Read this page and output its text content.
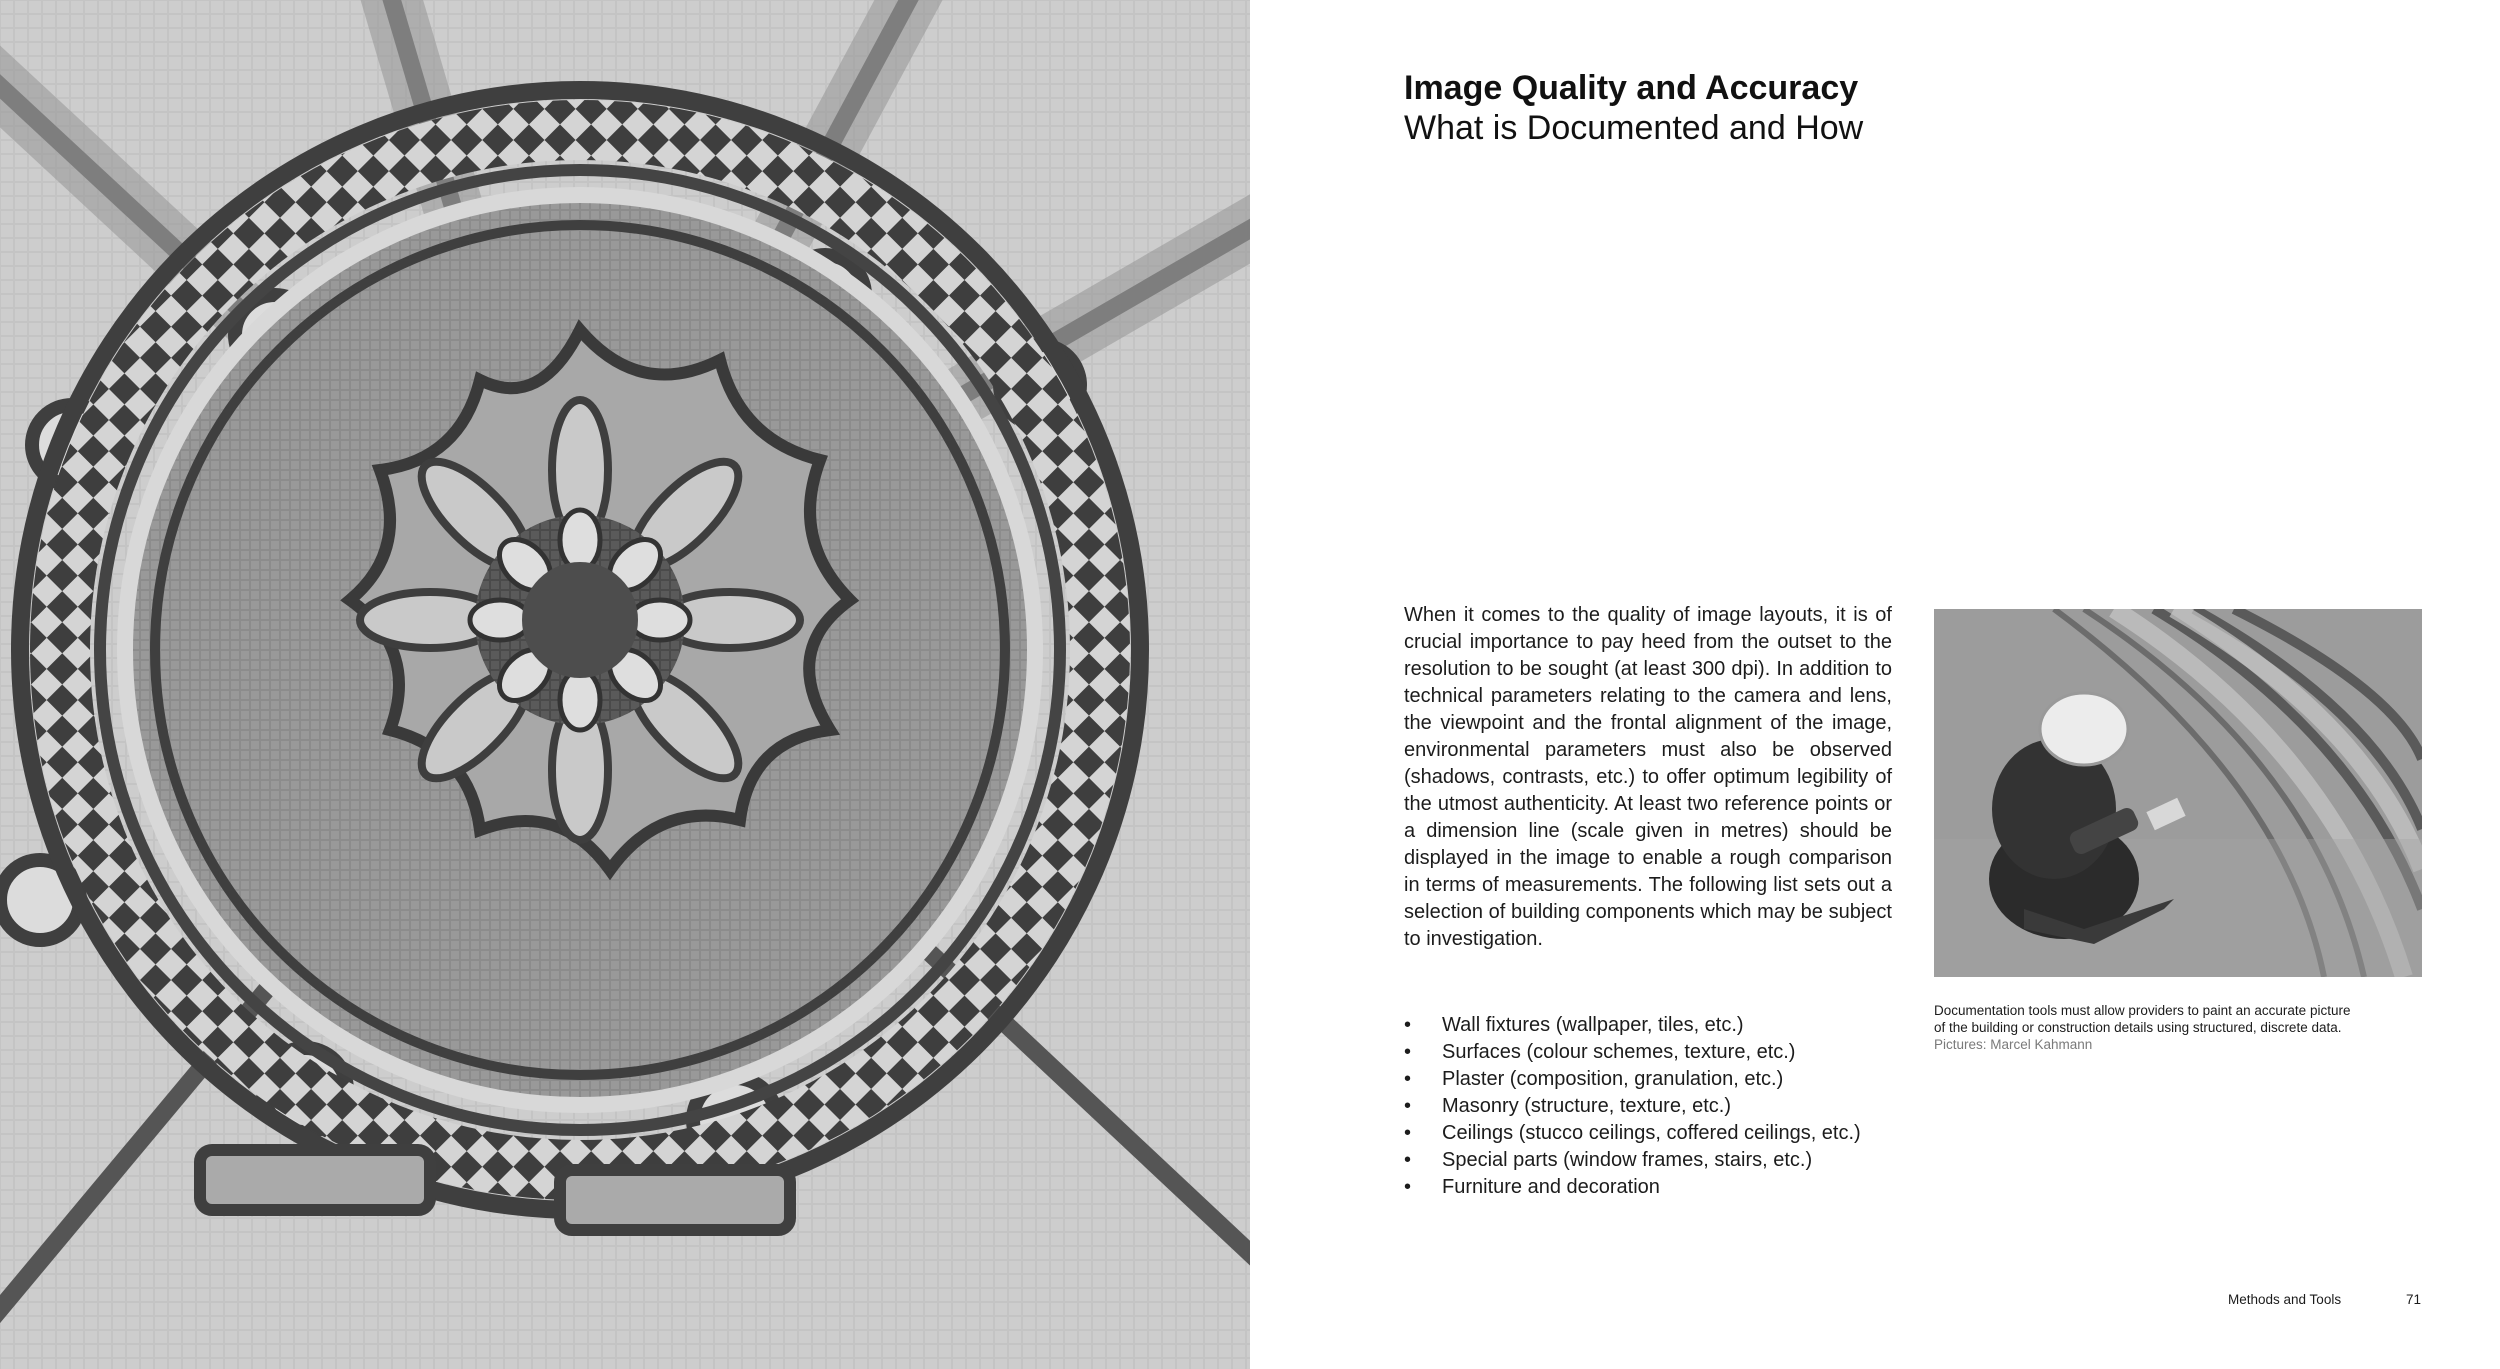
Image Quality and Accuracy
What is Documented and How

When it comes to the quality of image layouts, it is of crucial importance to pay heed from the outset to the resolution to be sought (at least 300 dpi). In addition to technical parameters relating to the camera and lens, the viewpoint and the frontal alignment of the image, environmental parameters must also be observed (shadows, contrasts, etc.) to offer optimum legibility of the utmost authenticity. At least two reference points or a dimension line (scale given in metres) should be displayed in the image to enable a rough comparison in terms of measurements. The following list sets out a selection of building components which may be subject to investigation.

• Wall fixtures (wallpaper, tiles, etc.)
• Surfaces (colour schemes, texture, etc.)
• Plaster (composition, granulation, etc.)
• Masonry (structure, texture, etc.)
• Ceilings (stucco ceilings, coffered ceilings, etc.)
• Special parts (window frames, stairs, etc.)
• Furniture and decoration

Documentation tools must allow providers to paint an accurate picture of the building or construction details using structured, discrete data.
Pictures: Marcel Kahmann

Methods and Tools	71
